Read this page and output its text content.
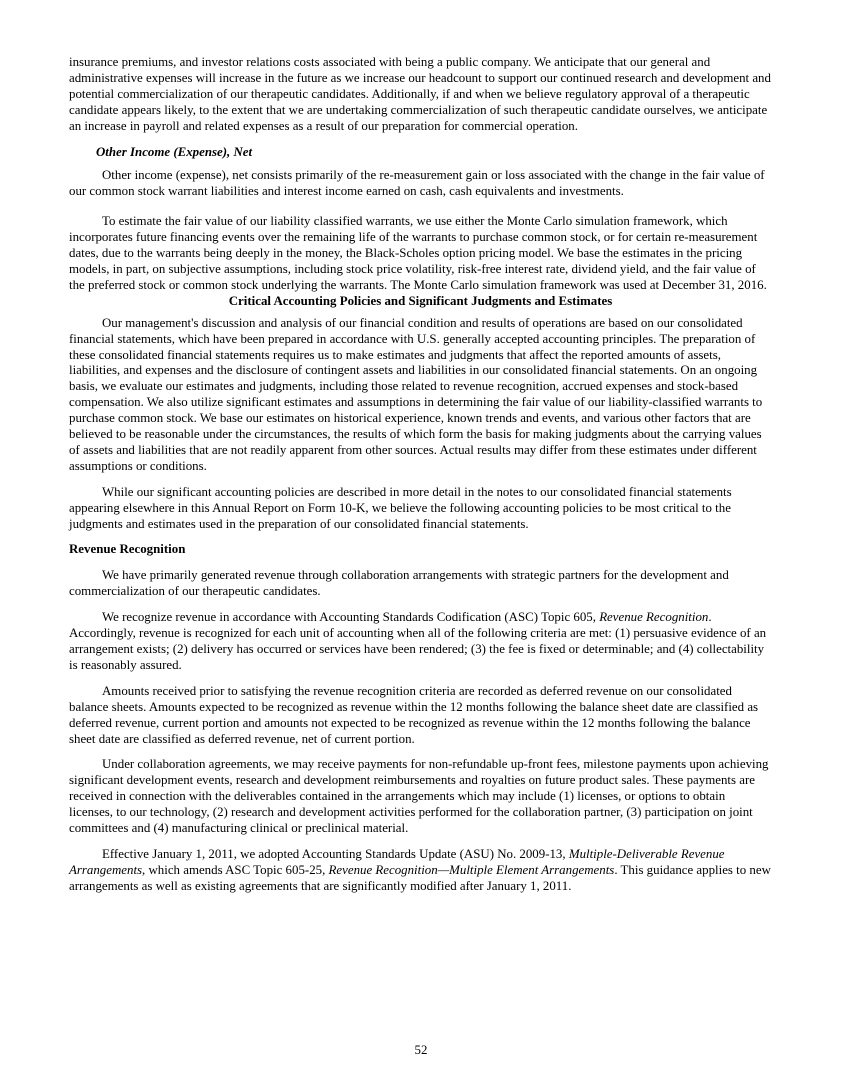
insurance premiums, and investor relations costs associated with being a public company. We anticipate that our general and administrative expenses will increase in the future as we increase our headcount to support our continued research and development and potential commercialization of our therapeutic candidates. Additionally, if and when we believe regulatory approval of a therapeutic candidate appears likely, to the extent that we are undertaking commercialization of such therapeutic candidate ourselves, we anticipate an increase in payroll and related expenses as a result of our preparation for commercial operation.

Other Income (Expense), Net

Other income (expense), net consists primarily of the re-measurement gain or loss associated with the change in the fair value of our common stock warrant liabilities and interest income earned on cash, cash equivalents and investments.

To estimate the fair value of our liability classified warrants, we use either the Monte Carlo simulation framework, which incorporates future financing events over the remaining life of the warrants to purchase common stock, or for certain re-measurement dates, due to the warrants being deeply in the money, the Black-Scholes option pricing model. We base the estimates in the pricing models, in part, on subjective assumptions, including stock price volatility, risk-free interest rate, dividend yield, and the fair value of the preferred stock or common stock underlying the warrants. The Monte Carlo simulation framework was used at December 31, 2016.

Critical Accounting Policies and Significant Judgments and Estimates

Our management's discussion and analysis of our financial condition and results of operations are based on our consolidated financial statements, which have been prepared in accordance with U.S. generally accepted accounting principles. The preparation of these consolidated financial statements requires us to make estimates and judgments that affect the reported amounts of assets, liabilities, and expenses and the disclosure of contingent assets and liabilities in our consolidated financial statements. On an ongoing basis, we evaluate our estimates and judgments, including those related to revenue recognition, accrued expenses and stock-based compensation. We also utilize significant estimates and assumptions in determining the fair value of our liability-classified warrants to purchase common stock. We base our estimates on historical experience, known trends and events, and various other factors that are believed to be reasonable under the circumstances, the results of which form the basis for making judgments about the carrying values of assets and liabilities that are not readily apparent from other sources. Actual results may differ from these estimates under different assumptions or conditions.

While our significant accounting policies are described in more detail in the notes to our consolidated financial statements appearing elsewhere in this Annual Report on Form 10-K, we believe the following accounting policies to be most critical to the judgments and estimates used in the preparation of our consolidated financial statements.

Revenue Recognition

We have primarily generated revenue through collaboration arrangements with strategic partners for the development and commercialization of our therapeutic candidates.

We recognize revenue in accordance with Accounting Standards Codification (ASC) Topic 605, Revenue Recognition. Accordingly, revenue is recognized for each unit of accounting when all of the following criteria are met: (1) persuasive evidence of an arrangement exists; (2) delivery has occurred or services have been rendered; (3) the fee is fixed or determinable; and (4) collectability is reasonably assured.

Amounts received prior to satisfying the revenue recognition criteria are recorded as deferred revenue on our consolidated balance sheets. Amounts expected to be recognized as revenue within the 12 months following the balance sheet date are classified as deferred revenue, current portion and amounts not expected to be recognized as revenue within the 12 months following the balance sheet date are classified as deferred revenue, net of current portion.

Under collaboration agreements, we may receive payments for non-refundable up-front fees, milestone payments upon achieving significant development events, research and development reimbursements and royalties on future product sales. These payments are received in connection with the deliverables contained in the arrangements which may include (1) licenses, or options to obtain licenses, to our technology, (2) research and development activities performed for the collaboration partner, (3) participation on joint committees and (4) manufacturing clinical or preclinical material.

Effective January 1, 2011, we adopted Accounting Standards Update (ASU) No. 2009-13, Multiple-Deliverable Revenue Arrangements, which amends ASC Topic 605-25, Revenue Recognition—Multiple Element Arrangements. This guidance applies to new arrangements as well as existing agreements that are significantly modified after January 1, 2011.

52
